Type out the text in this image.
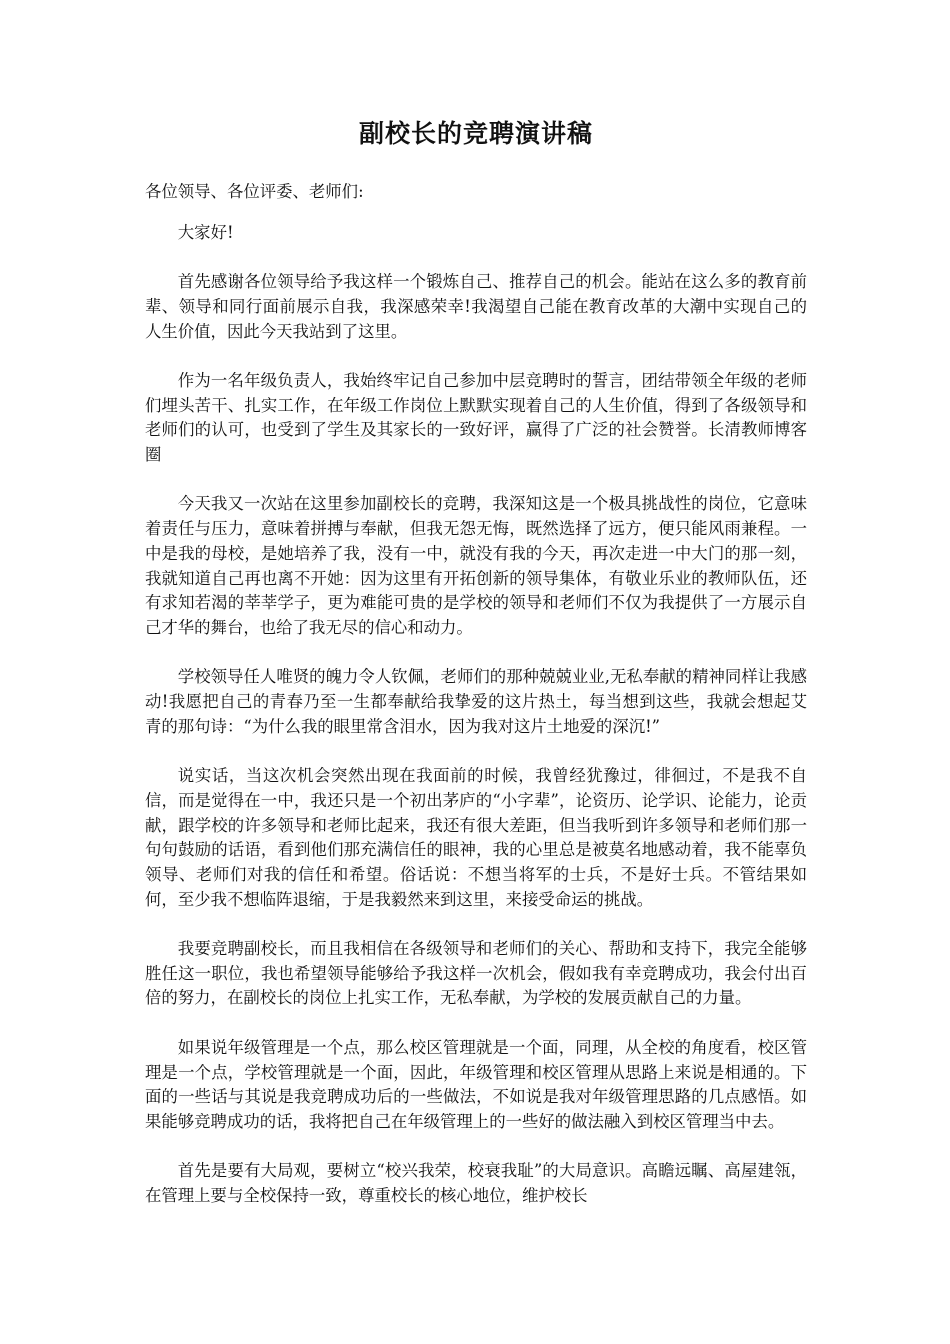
副校长的竞聘演讲稿

各位领导、各位评委、老师们:

大家好!

首先感谢各位领导给予我这样一个锻炼自己、推荐自己的机会。能站在这么多的教育前辈、领导和同行面前展示自我，我深感荣幸!我渴望自己能在教育改革的大潮中实现自己的人生价值，因此今天我站到了这里。

作为一名年级负责人，我始终牢记自己参加中层竞聘时的誓言，团结带领全年级的老师们埋头苦干、扎实工作，在年级工作岗位上默默实现着自己的人生价值，得到了各级领导和老师们的认可，也受到了学生及其家长的一致好评，赢得了广泛的社会赞誉。长清教师博客圈

今天我又一次站在这里参加副校长的竞聘，我深知这是一个极具挑战性的岗位，它意味着责任与压力，意味着拼搏与奉献，但我无怨无悔，既然选择了远方，便只能风雨兼程。一中是我的母校，是她培养了我，没有一中，就没有我的今天，再次走进一中大门的那一刻，我就知道自己再也离不开她：因为这里有开拓创新的领导集体，有敬业乐业的教师队伍，还有求知若渴的莘莘学子，更为难能可贵的是学校的领导和老师们不仅为我提供了一方展示自己才华的舞台，也给了我无尽的信心和动力。

学校领导任人唯贤的魄力令人钦佩，老师们的那种兢兢业业,无私奉献的精神同样让我感动!我愿把自己的青春乃至一生都奉献给我挚爱的这片热土，每当想到这些，我就会想起艾青的那句诗：“为什么我的眼里常含泪水，因为我对这片土地爱的深沉!”

说实话，当这次机会突然出现在我面前的时候，我曾经犹豫过，徘徊过，不是我不自信，而是觉得在一中，我还只是一个初出茅庐的“小字辈”，论资历、论学识、论能力，论贡献，跟学校的许多领导和老师比起来，我还有很大差距，但当我听到许多领导和老师们那一句句鼓励的话语，看到他们那充满信任的眼神，我的心里总是被莫名地感动着，我不能辜负领导、老师们对我的信任和希望。俗话说：不想当将军的士兵，不是好士兵。不管结果如何，至少我不想临阵退缩，于是我毅然来到这里，来接受命运的挑战。

我要竞聘副校长，而且我相信在各级领导和老师们的关心、帮助和支持下，我完全能够胜任这一职位，我也希望领导能够给予我这样一次机会，假如我有幸竞聘成功，我会付出百倍的努力，在副校长的岗位上扎实工作，无私奉献，为学校的发展贡献自己的力量。

如果说年级管理是一个点，那么校区管理就是一个面，同理，从全校的角度看，校区管理是一个点，学校管理就是一个面，因此，年级管理和校区管理从思路上来说是相通的。下面的一些话与其说是我竞聘成功后的一些做法，不如说是我对年级管理思路的几点感悟。如果能够竞聘成功的话，我将把自己在年级管理上的一些好的做法融入到校区管理当中去。

首先是要有大局观，要树立“校兴我荣，校衰我耻”的大局意识。高瞻远瞩、高屋建瓴，在管理上要与全校保持一致，尊重校长的核心地位，维护校长
